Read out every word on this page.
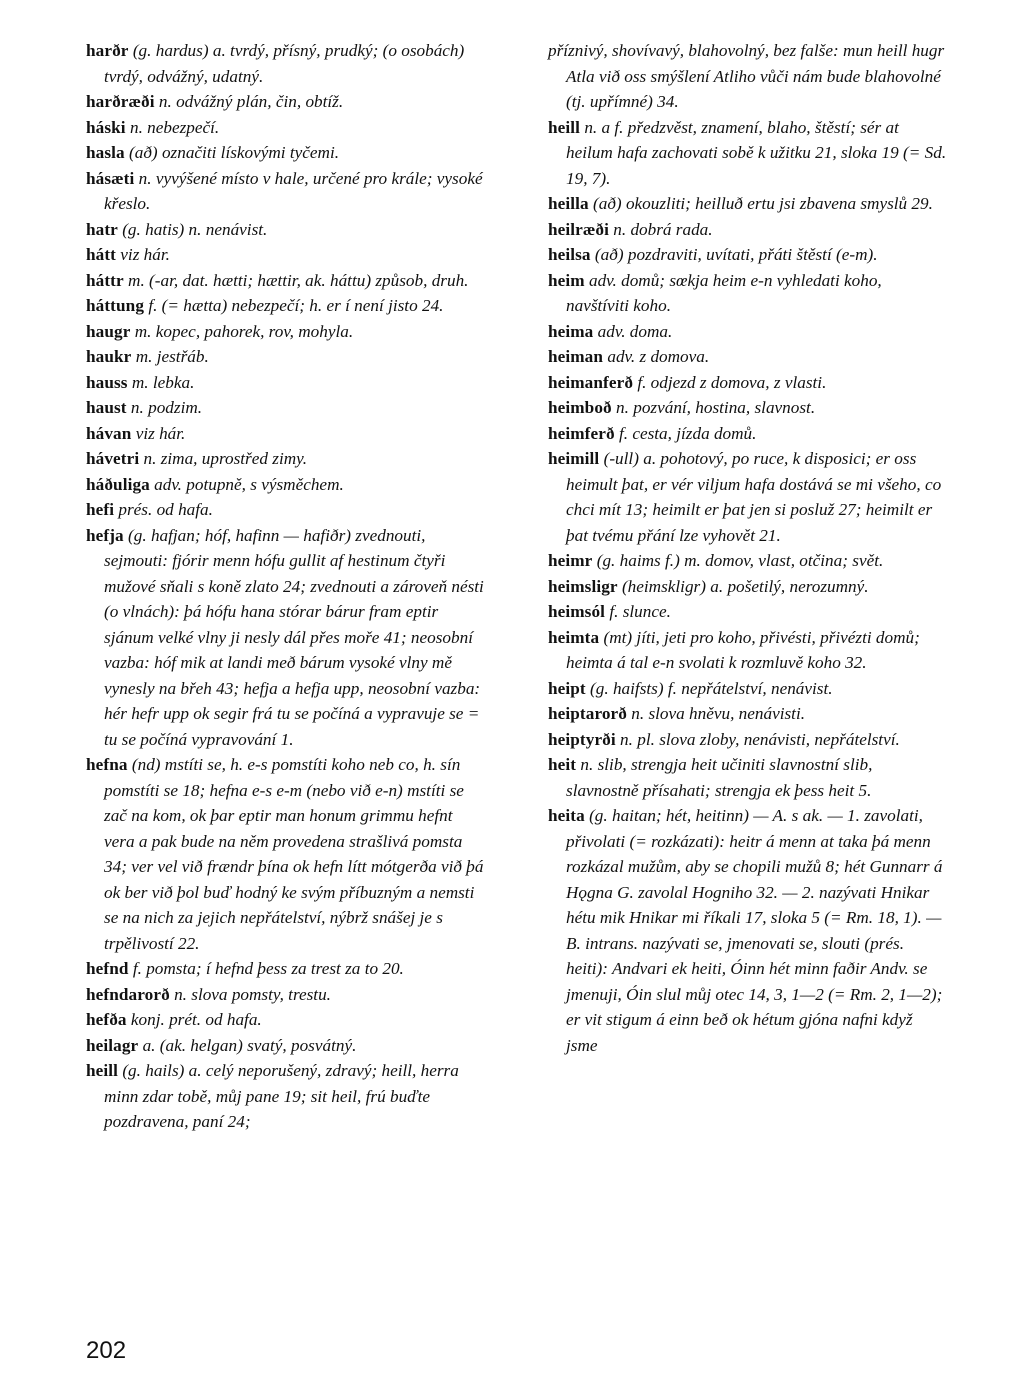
harðr (g. hardus) a. tvrdý, přísný, prudký; (o osobách) tvrdý, odvážný, udatný.

harðræði n. odvážný plán, čin, obtíž.

háski n. nebezpečí.

hasla (að) označiti lískovými tyčemi.

hásæti n. vyvýšené místo v hale, určené pro krále; vysoké křeslo.

hatr (g. hatis) n. nenávist.

hátt viz hár.

háttr m. (-ar, dat. hætti; hættir, ak. háttu) způsob, druh.

háttung f. (= hætta) nebezpečí; h. er í není jisto 24.

haugr m. kopec, pahorek, rov, mohyla.

haukr m. jestřáb.

hauss m. lebka.

haust n. podzim.

hávan viz hár.

hávetri n. zima, uprostřed zimy.

háðuliga adv. potupně, s výsměchem.

hefi prés. od hafa.

hefja (g. hafjan; hóf, hafinn — hafiðr) zvednouti, sejmouti: fjórir menn hófu gullit af hestinum čtyři mužové sňali s koně zlato 24; zvednouti a zároveň nésti (o vlnách): þá hófu hana stórar bárur fram eptir sjánum velké vlny ji nesly dál přes moře 41; neosobní vazba: hóf mik at landi með bárum vysoké vlny mě vynesly na břeh 43; hefja a hefja upp, neosobní vazba: hér hefr upp ok segir frá tu se počíná a vypravuje se = tu se počíná vypravování 1.

hefna (nd) mstíti se, h. e-s pomstíti koho neb co, h. sín pomstíti se 18; hefna e-s e-m (nebo við e-n) mstíti se zač na kom, ok þar eptir man honum grimmu hefnt vera a pak bude na něm provedena strašlivá pomsta 34; ver vel við frændr þína ok hefn lítt mótgerða við þá ok ber við þol buď hodný ke svým příbuzným a nemsti se na nich za jejich nepřátelství, nýbrž snášej je s trpělivostí 22.

hefnd f. pomsta; í hefnd þess za trest za to 20.

hefndarorð n. slova pomsty, trestu.

hefða konj. prét. od hafa.

heilagr a. (ak. helgan) svatý, posvátný.

heill (g. hails) a. celý neporušený, zdravý; heill, herra minn zdar tobě, můj pane 19; sit heil, frú buďte pozdravena, paní 24;

příznivý, shovívavý, blahovolný, bez falše: mun heill hugr Atla við oss smýšlení Atliho vůči nám bude blahovolné (tj. upřímné) 34.

heill n. a f. předzvěst, znamení, blaho, štěstí; sér at heilum hafa zachovati sobě k užitku 21, sloka 19 (= Sd. 19, 7).

heilla (að) okouzliti; heilluð ertu jsi zbavena smyslů 29.

heilræði n. dobrá rada.

heilsa (að) pozdraviti, uvítati, přáti štěstí (e-m).

heim adv. domů; sœkja heim e-n vyhledati koho, navštíviti koho.

heima adv. doma.

heiman adv. z domova.

heimanferð f. odjezd z domova, z vlasti.

heimboð n. pozvání, hostina, slavnost.

heimferð f. cesta, jízda domů.

heimill (-ull) a. pohotový, po ruce, k disposici; er oss heimult þat, er vér viljum hafa dostává se mi všeho, co chci mít 13; heimilt er þat jen si posluž 27; heimilt er þat tvému přání lze vyhovět 21.

heimr (g. haims f.) m. domov, vlast, otčina; svět.

heimsligr (heimskligr) a. pošetilý, nerozumný.

heimsól f. slunce.

heimta (mt) jíti, jeti pro koho, přivésti, přivézti domů; heimta á tal e-n svolati k rozmluvě koho 32.

heipt (g. haifsts) f. nepřátelství, nenávist.

heiptarorð n. slova hněvu, nenávisti.

heiptyrði n. pl. slova zloby, nenávisti, nepřátelství.

heit n. slib, strengja heit učiniti slavnostní slib, slavnostně přísahati; strengja ek þess heit 5.

heita (g. haitan; hét, heitinn) — A. s ak. — 1. zavolati, přivolati (= rozkázati): heitr á menn at taka þá menn rozkázal mužům, aby se chopili mužů 8; hét Gunnarr á Hǫgna G. zavolal Hogniho 32. — 2. nazývati Hnikar hétu mik Hnikar mi říkali 17, sloka 5 (= Rm. 18, 1). — B. intrans. nazývati se, jmenovati se, slouti (prés. heiti): Andvari ek heiti, Óinn hét minn faðir Andv. se jmenuji, Óin slul můj otec 14, 3, 1—2 (= Rm. 2, 1—2); er vit stigum á einn beð ok hétum gjóna nafni když jsme

202
